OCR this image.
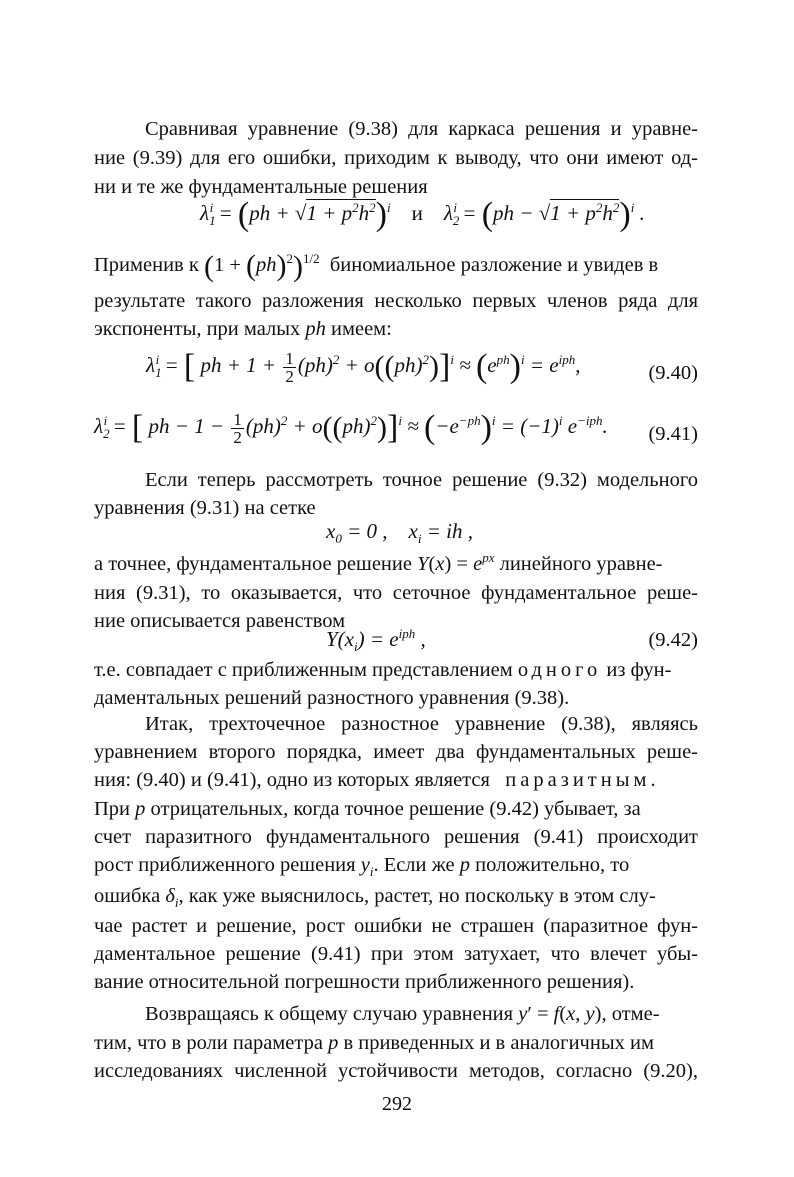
Сравнивая уравнение (9.38) для каркаса решения и уравне-
ние (9.39) для его ошибки, приходим к выводу, что они имеют од-
ни и те же фундаментальные решения
$\lambda_1^i = (ph + √1 + p^2h^2)^i$ и    $\lambda_2^i = (ph - √1 + p^2h^2)^i$ .
Применив к $(1 + (ph)^2)^{1/2}$ биномиальное разложение и увидев в
результате такого разложения несколько первых членов ряда для
экспоненты, при малых ph имеем:
$\lambda_1^i$ = [ ph + $1 + \frac{1}{2} (ph)^2 + o((ph)^2)]^i \approx (e^{ph})^i = e^{iph}$,	(9.40)
$\lambda_2^i$ = [ ph − $1 - \frac{1}{2} (ph)^2 + o((ph)^2)]^i \approx (-e^{-ph})^i = (-1)^i$ $e^{-iph}$. (9.41)
Если теперь рассмотреть точное решение (9.32) модельного
уравнения (9.31) на сетке
$x_0 = 0$ ,    $x_i$ = ih ,
а точнее, фундаментальное решение $Y(x) = e^{px}$ линейного уравне-
ния (9.31), то оказывается, что сеточное фундаментальное реше-
ние описывается равенством
$Y(x_i) = e^{iph}$ ,	(9.42)
т.е. совпадает с приближенным представлением одного из фун-
даментальных решений разностного уравнения (9.38).
Итак, трехточечное разностное уравнение (9.38), являясь
уравнением второго порядка, имеет два фундаментальных реше-
ния: (9.40) и (9.41), одно из которых является паразитным.
При p отрицательных, когда точное решение (9.42) убывает, за
счет паразитного фундаментального решения (9.41) происходит
рост приближенного решения $y_i$. Если же p положительно, то
ошибка $\delta_i$, как уже выяснилось, растет, но поскольку в этом слу-
чае растет и решение, рост ошибки не страшен (паразитное фун-
даментальное решение (9.41) при этом затухает, что влечет убы-
вание относительной погрешности приближенного решения).
Возвращаясь к общему случаю уравнения y′ = f(x, y), отме-
тим, что в роли параметра p в приведенных и в аналогичных им
исследованиях численной устойчивости методов, согласно (9.20),
292
